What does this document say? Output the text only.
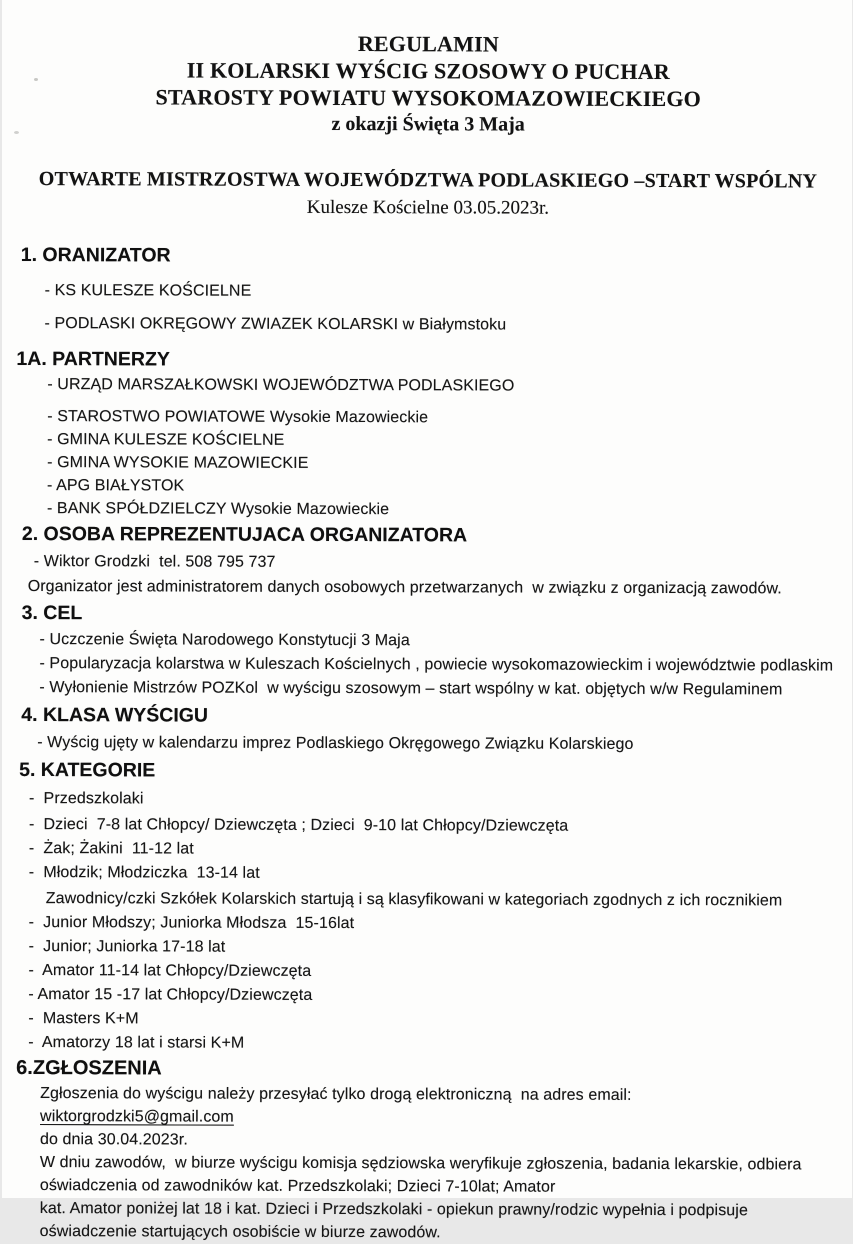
REGULAMIN
II KOLARSKI WYŚCIG SZOSOWY O PUCHAR
STAROSTY POWIATU WYSOKOMAZOWIECKIEGO
z okazji Święta 3 Maja
OTWARTE MISTRZOSTWA WOJEWÓDZTWA PODLASKIEGO –START WSPÓLNY
Kulesze Kościelne 03.05.2023r.
1. ORANIZATOR
- KS KULESZE KOŚCIELNE
- PODLASKI OKRĘGOWY ZWIAZEK KOLARSKI w Białymstoku
1A. PARTNERZY
- URZĄD MARSZAŁKOWSKI WOJEWÓDZTWA PODLASKIEGO
- STAROSTWO POWIATOWE Wysokie Mazowieckie
- GMINA KULESZE KOŚCIELNE
- GMINA WYSOKIE MAZOWIECKIE
- APG BIAŁYSTOK
- BANK SPÓŁDZIELCZY Wysokie Mazowieckie
2. OSOBA REPREZENTUJACA ORGANIZATORA
- Wiktor Grodzki  tel. 508 795 737
Organizator jest administratorem danych osobowych przetwarzanych  w związku z organizacją zawodów.
3. CEL
- Uczczenie Święta Narodowego Konstytucji 3 Maja
- Popularyzacja kolarstwa w Kuleszach Kościelnych , powiecie wysokomazowieckim i województwie podlaskim
- Wyłonienie Mistrzów POZKol  w wyścigu szosowym – start wspólny w kat. objętych w/w Regulaminem
4. KLASA WYŚCIGU
- Wyścig ujęty w kalendarzu imprez Podlaskiego Okręgowego Związku Kolarskiego
5. KATEGORIE
-  Przedszkolaki
-  Dzieci  7-8 lat Chłopcy/ Dziewczęta ; Dzieci  9-10 lat Chłopcy/Dziewczęta
-  Żak; Żakini  11-12 lat
-  Młodzik; Młodziczka  13-14 lat
Zawodnicy/czki Szkółek Kolarskich startują i są klasyfikowani w kategoriach zgodnych z ich rocznikiem
-  Junior Młodszy; Juniorka Młodsza  15-16lat
-  Junior; Juniorka 17-18 lat
-  Amator 11-14 lat Chłopcy/Dziewczęta
- Amator 15 -17 lat Chłopcy/Dziewczęta
-  Masters K+M
-  Amatorzy 18 lat i starsi K+M
6.ZGŁOSZENIA
Zgłoszenia do wyścigu należy przesyłać tylko drogą elektroniczną  na adres email:
wiktorgrodzki5@gmail.com
do dnia 30.04.2023r.
W dniu zawodów,  w biurze wyścigu komisja sędziowska weryfikuje zgłoszenia, badania lekarskie, odbiera
oświadczenia od zawodników kat. Przedszkolaki; Dzieci 7-10lat; Amator
kat. Amator poniżej lat 18 i kat. Dzieci i Przedszkolaki - opiekun prawny/rodzic wypełnia i podpisuje
oświadczenie startujących osobiście w biurze zawodów.
